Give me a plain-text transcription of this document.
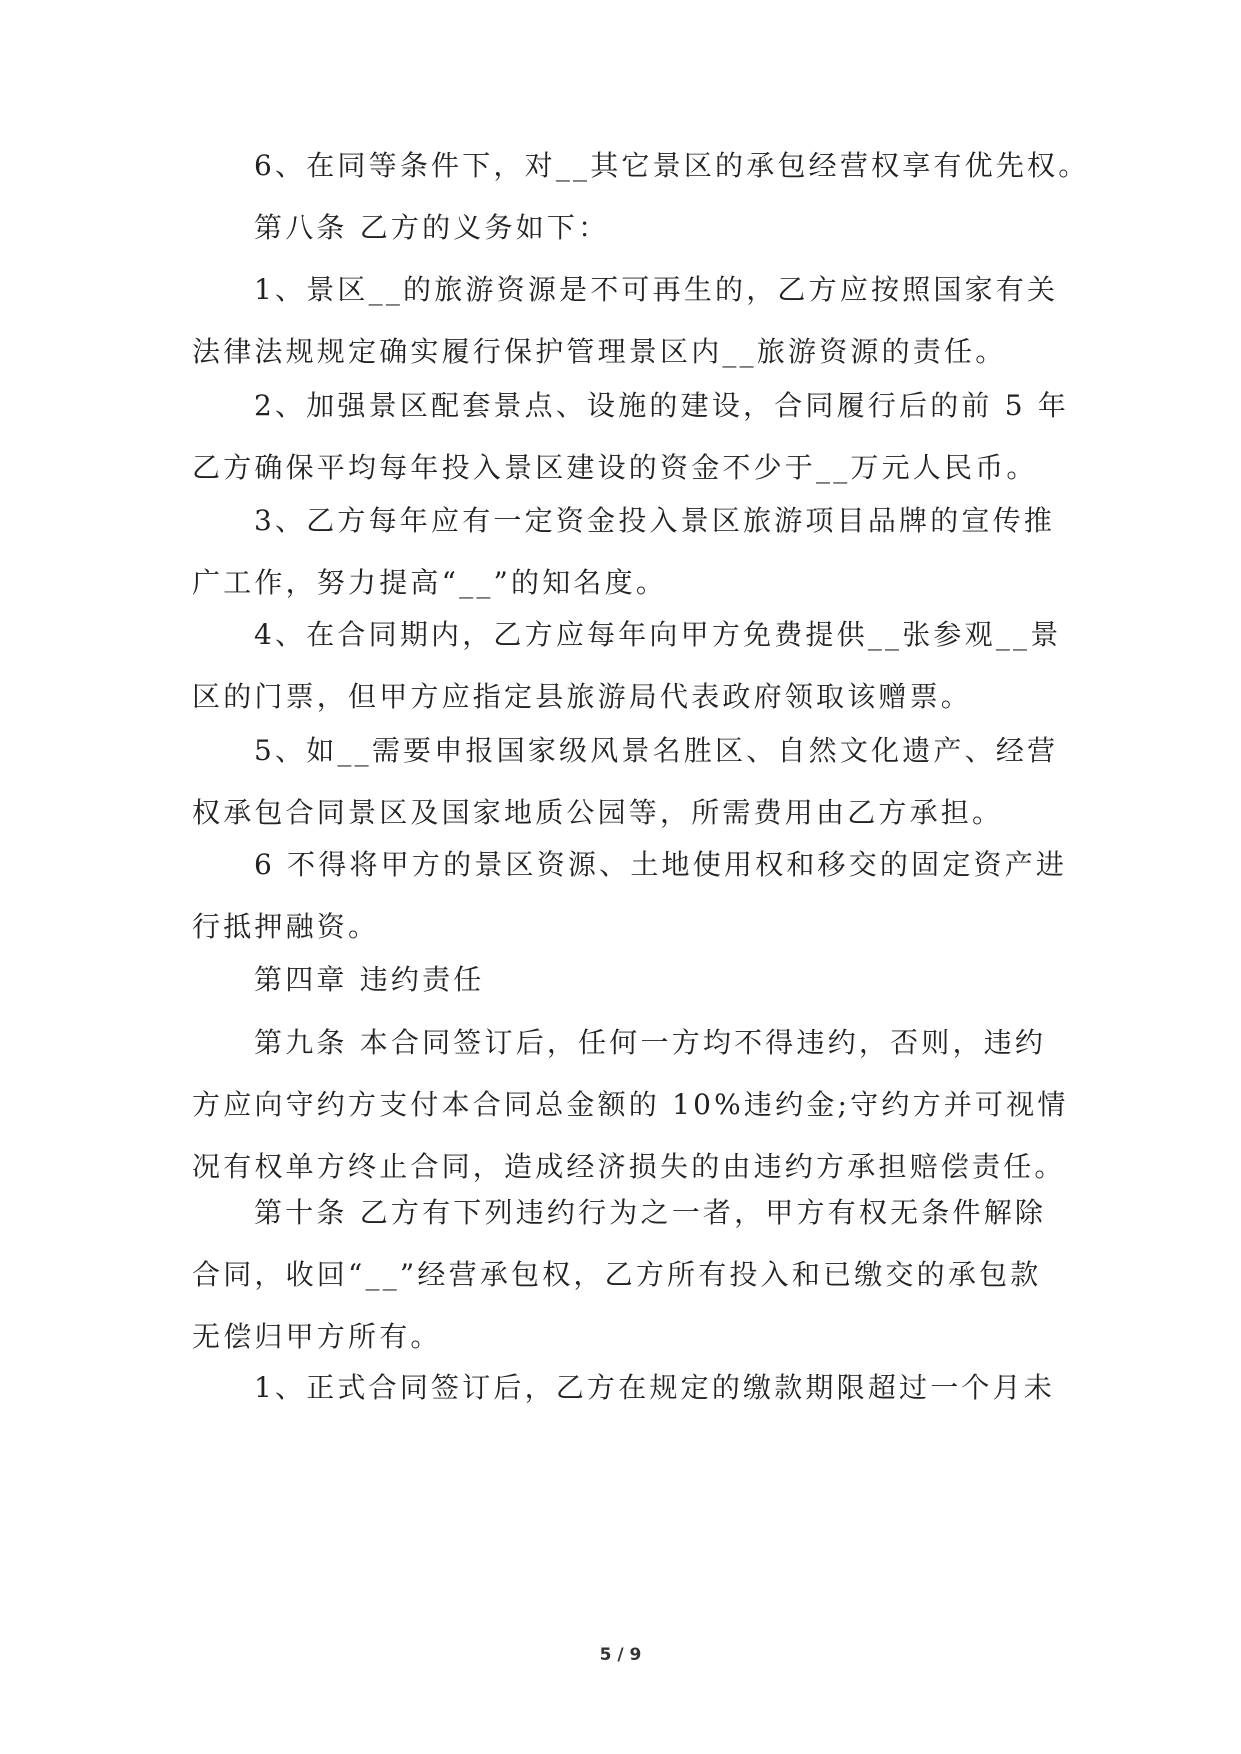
6、在同等条件下，对__其它景区的承包经营权享有优先权。
第八条 乙方的义务如下：
1、景区__的旅游资源是不可再生的，乙方应按照国家有关
法律法规规定确实履行保护管理景区内__旅游资源的责任。
2、加强景区配套景点、设施的建设，合同履行后的前 5 年
乙方确保平均每年投入景区建设的资金不少于__万元人民币。
3、乙方每年应有一定资金投入景区旅游项目品牌的宣传推
广工作，努力提高“__”的知名度。
4、在合同期内，乙方应每年向甲方免费提供__张参观__景
区的门票，但甲方应指定县旅游局代表政府领取该赠票。
5、如__需要申报国家级风景名胜区、自然文化遗产、经营
权承包合同景区及国家地质公园等，所需费用由乙方承担。
6 不得将甲方的景区资源、土地使用权和移交的固定资产进
行抵押融资。
第四章 违约责任
第九条 本合同签订后，任何一方均不得违约，否则，违约
方应向守约方支付本合同总金额的 10%违约金;守约方并可视情
况有权单方终止合同，造成经济损失的由违约方承担赔偿责任。
第十条 乙方有下列违约行为之一者，甲方有权无条件解除
合同，收回“__”经营承包权，乙方所有投入和已缴交的承包款
无偿归甲方所有。
1、正式合同签订后，乙方在规定的缴款期限超过一个月未
5 / 9
